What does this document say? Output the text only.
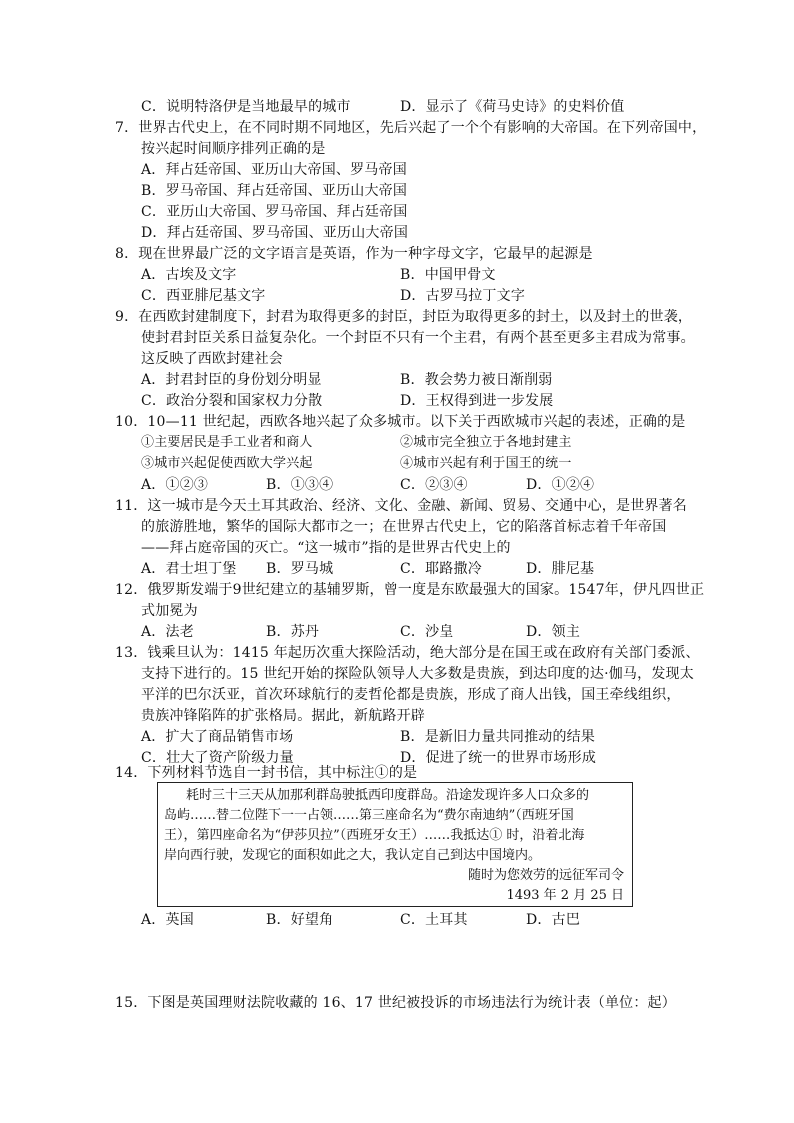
C．说明特洛伊是当地最早的城市	D．显示了《荷马史诗》的史料价值
7．世界古代史上，在不同时期不同地区，先后兴起了一个个有影响的大帝国。在下列帝国中，
按兴起时间顺序排列正确的是
A．拜占廷帝国、亚历山大帝国、罗马帝国
B．罗马帝国、拜占廷帝国、亚历山大帝国
C．亚历山大帝国、罗马帝国、拜占廷帝国
D．拜占廷帝国、罗马帝国、亚历山大帝国
8．现在世界最广泛的文字语言是英语，作为一种字母文字，它最早的起源是
A．古埃及文字	B．中国甲骨文
C．西亚腓尼基文字	D．古罗马拉丁文字
9．在西欧封建制度下，封君为取得更多的封臣，封臣为取得更多的封土，以及封土的世袭，
使封君封臣关系日益复杂化。一个封臣不只有一个主君，有两个甚至更多主君成为常事。
这反映了西欧封建社会
A．封君封臣的身份划分明显	B．教会势力被日渐削弱
C．政治分裂和国家权力分散	D．王权得到进一步发展
10．10—11 世纪起，西欧各地兴起了众多城市。以下关于西欧城市兴起的表述，正确的是
①主要居民是手工业者和商人	②城市完全独立于各地封建主
③城市兴起促使西欧大学兴起	④城市兴起有利于国王的统一
A．①②③	B．①③④	C．②③④	D．①②④
11．这一城市是今天土耳其政治、经济、文化、金融、新闻、贸易、交通中心，是世界著名
的旅游胜地，繁华的国际大都市之一；在世界古代史上，它的陷落首标志着千年帝国
——拜占庭帝国的灭亡。“这一城市”指的是世界古代史上的
A．君士坦丁堡 B．罗马城	C．耶路撒冷	D．腓尼基
12．俄罗斯发端于9世纪建立的基辅罗斯，曾一度是东欧最强大的国家。1547年，伊凡四世正
式加冕为
A．法老	B．苏丹	C．沙皇	D．领主
13．钱乘旦认为：1415 年起历次重大探险活动，绝大部分是在国王或在政府有关部门委派、
支持下进行的。15 世纪开始的探险队领导人大多数是贵族，到达印度的达·伽马，发现太
平洋的巴尔沃亚，首次环球航行的麦哲伦都是贵族，形成了商人出钱，国王牵线组织，
贵族冲锋陷阵的扩张格局。据此，新航路开辟
A．扩大了商品销售市场	B．是新旧力量共同推动的结果
C．壮大了资产阶级力量	D．促进了统一的世界市场形成
14．下列材料节选自一封书信，其中标注①的是
耗时三十三天从加那利群岛驶抵西印度群岛。沿途发现许多人口众多的
岛屿……替二位陛下一一占领……第三座命名为“费尔南迪纳”（西班牙国
王），第四座命名为“伊莎贝拉”（西班牙女王）……我抵达① 时，沿着北海
岸向西行驶，发现它的面积如此之大，我认定自己到达中国境内。
随时为您效劳的远征军司令
1493 年 2 月 25 日
A．英国	B．好望角	C．土耳其	D．古巴
15．下图是英国理财法院收藏的 16、17 世纪被投诉的市场违法行为统计表（单位：起）
